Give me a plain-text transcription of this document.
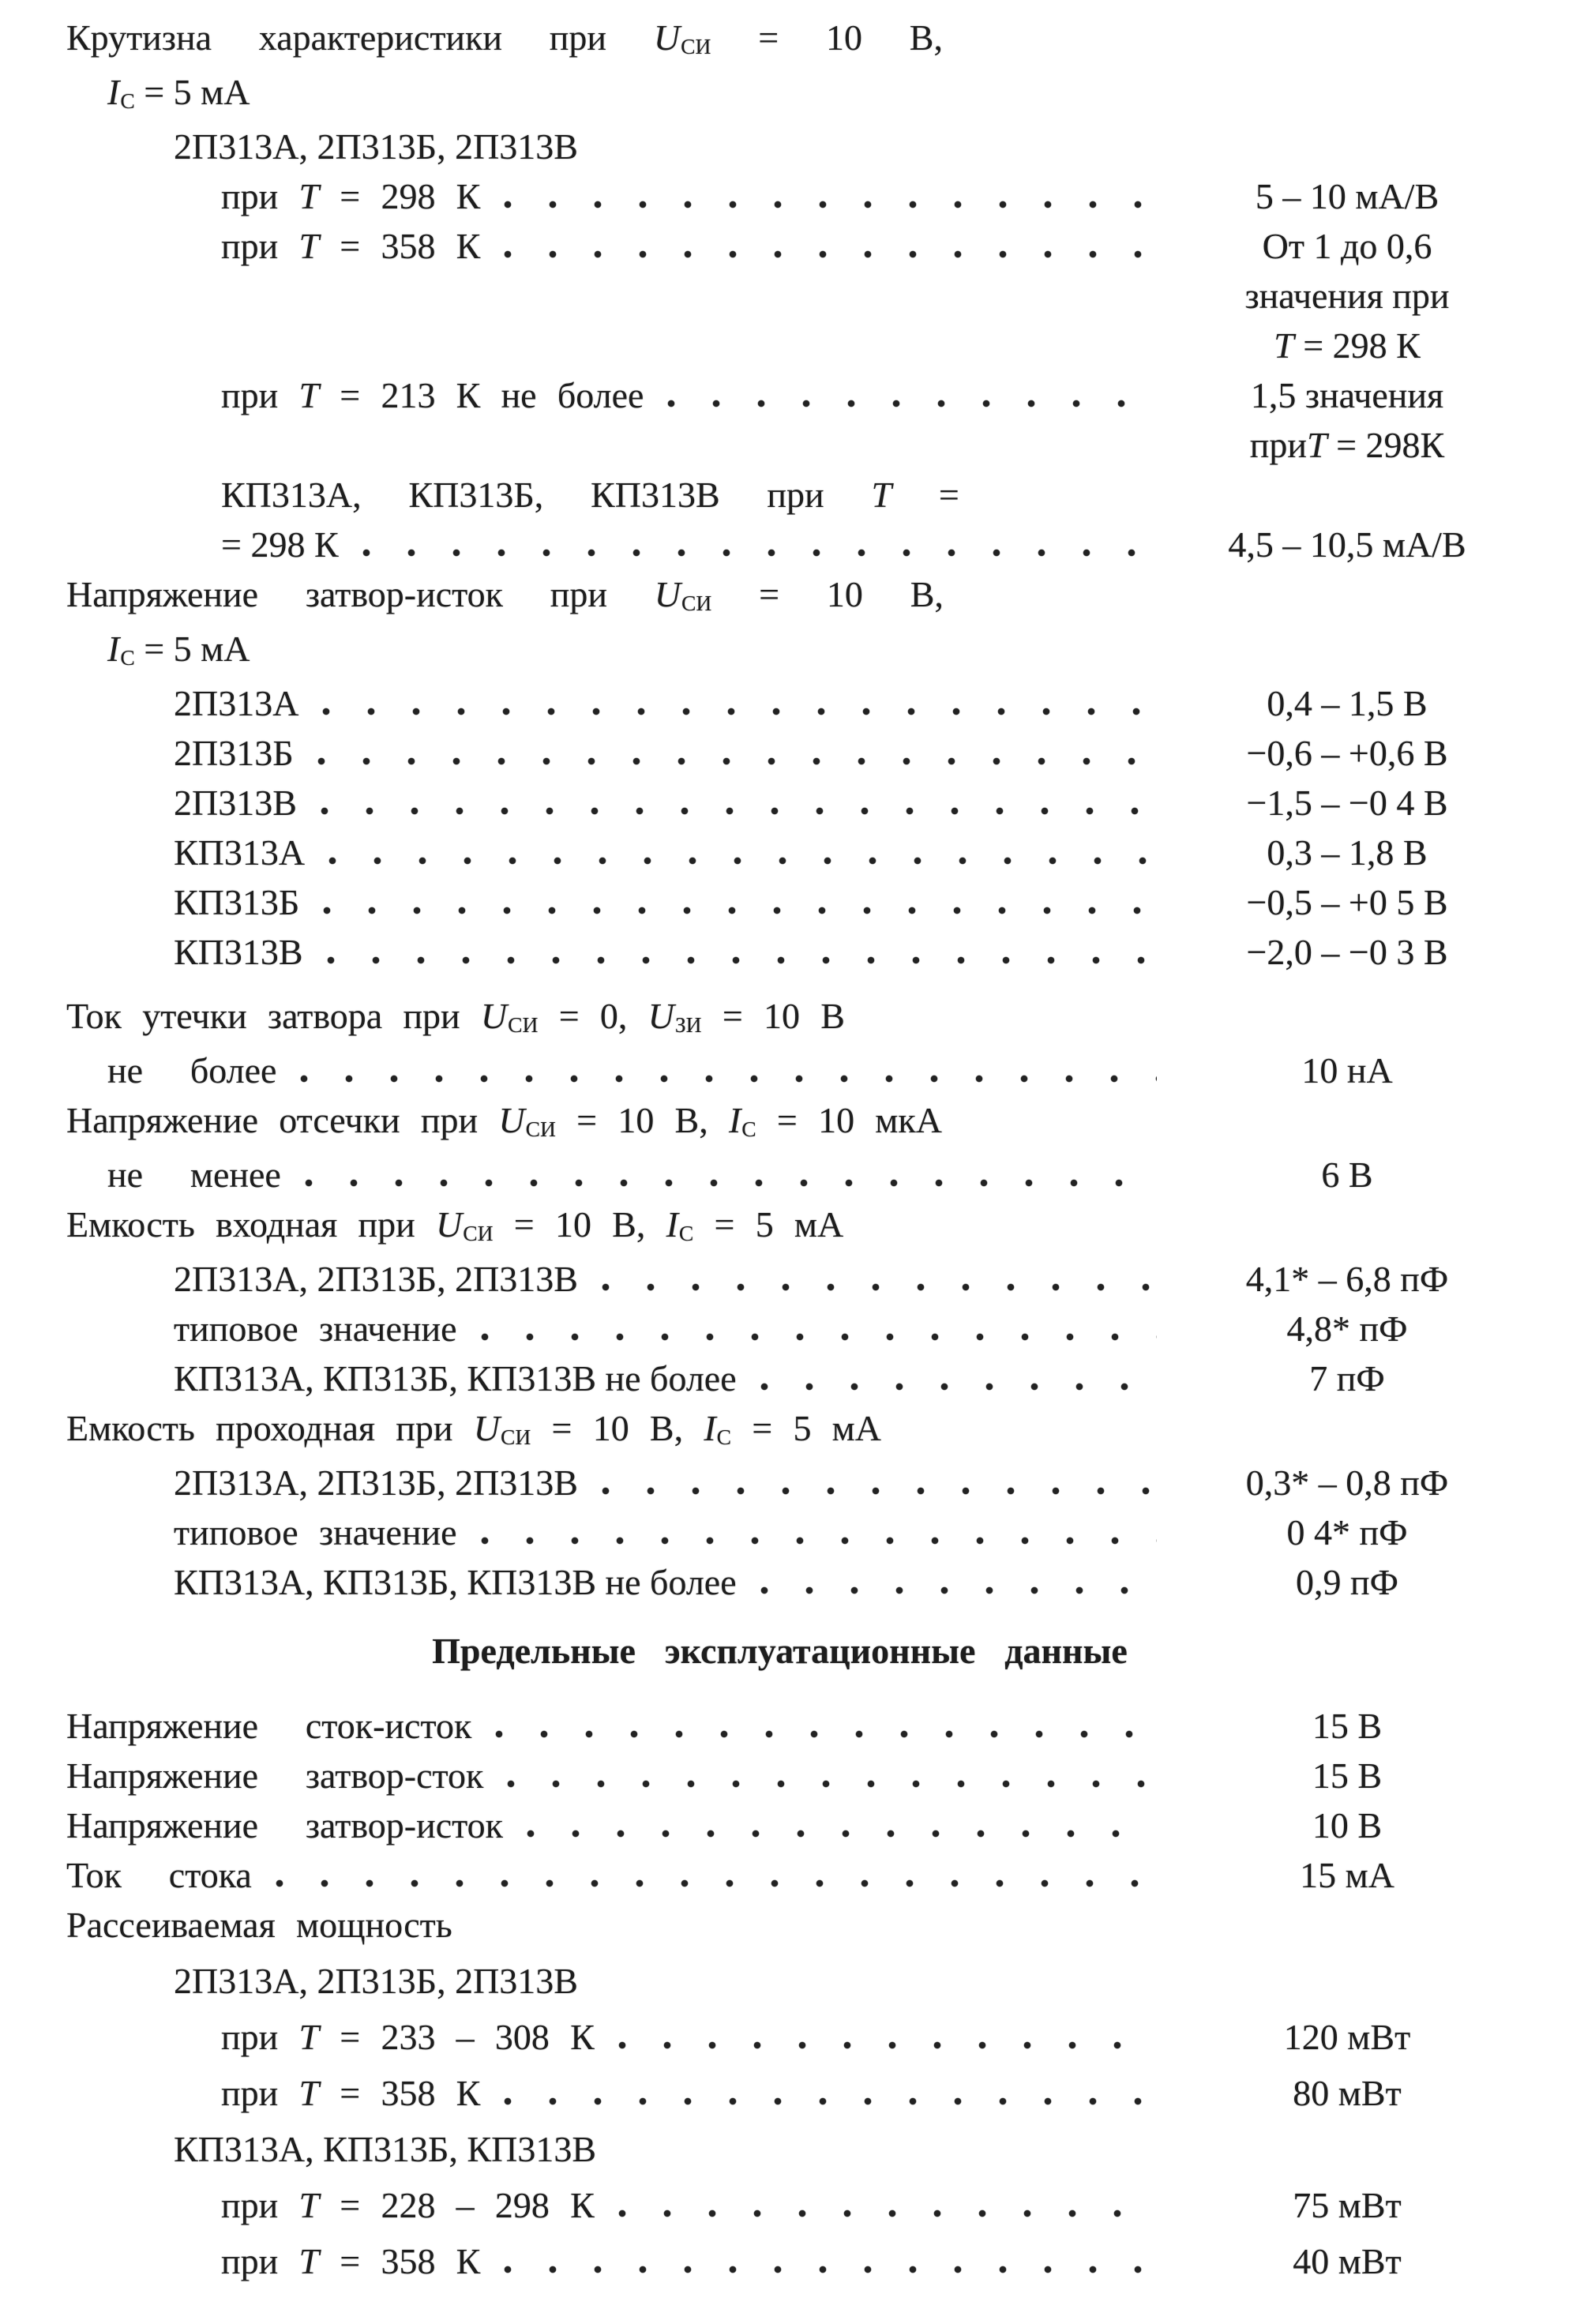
Крутизна характеристики при $U_{СИ} = 10$ В,
$I_С = 5$ мА
2П313А, 2П313Б, 2П313В
при T = 298 К	5 – 10 мА/В
при T = 358 К	От 1 до 0,6
значения при
T = 298 К
при T = 213 К не более	1,5 значения
приT = 298К
КП313А, КП313Б, КП313В при T =
= 298 К	4,5 – 10,5 мА/В
Напряжение затвор-исток при $U_{СИ} = 10$ В,
$I_С = 5$ мА
2П313А	0,4 – 1,5 В
2П313Б	−0,6 – +0,6 В
2П313В	−1,5 – −0 4 В
КП313А	0,3 – 1,8 В
КП313Б	−0,5 – +0 5 В
КП313В	−2,0 – −0 3 В
Ток утечки затвора при $U_{СИ} = 0$, $U_{ЗИ} = 10$ В
не более	10 нА
Напряжение отсечки при $U_{СИ} = 10$ В, $I_С = 10$ мкА
не менее	6 В
Емкость входная при $U_{СИ} = 10$ В, $I_С = 5$ мА
2П313А, 2П313Б, 2П313В	4,1* – 6,8 пФ
типовое значение	4,8* пФ
КП313А, КП313Б, КП313В не более	7 пФ
Емкость проходная при $U_{СИ} = 10$ В, $I_С = 5$ мА
2П313А, 2П313Б, 2П313В	0,3* – 0,8 пФ
типовое значение	0 4* пФ
КП313А, КП313Б, КП313В не более	0,9 пФ
Предельные эксплуатационные данные
Напряжение сток-исток	15 В
Напряжение затвор-сток	15 В
Напряжение затвор-исток	10 В
Ток стока	15 мА
Рассеиваемая мощность
2П313А, 2П313Б, 2П313В
при T = 233 – 308 К	120 мВт
при T = 358 К	80 мВт
КП313А, КП313Б, КП313В
при T = 228 – 298 К	75 мВт
при T = 358 К	40 мВт
